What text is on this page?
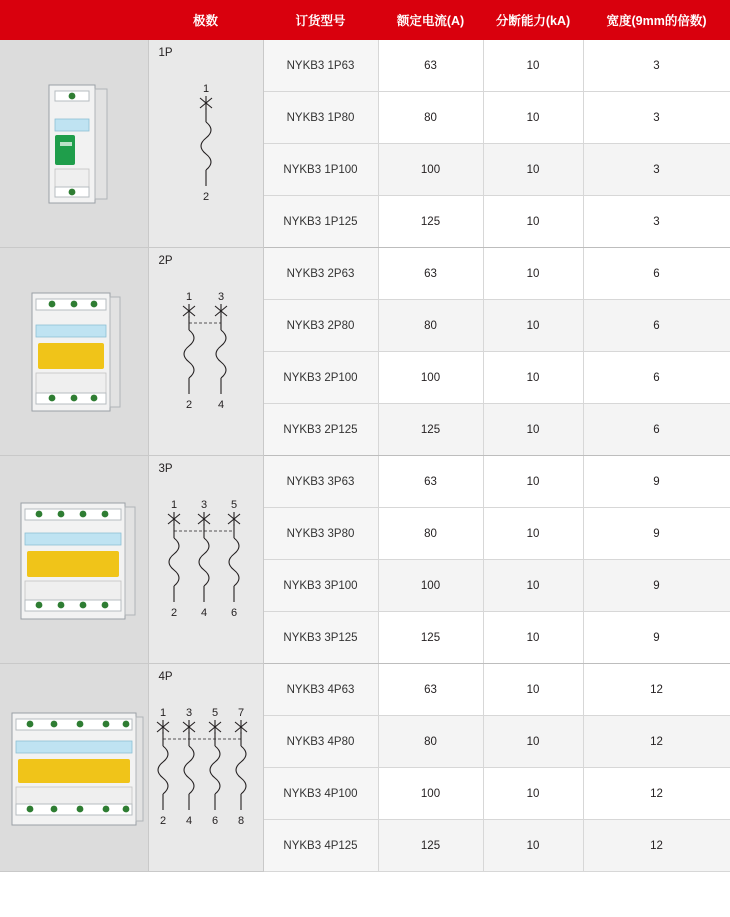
	极数	订货型号	额定电流(A)	分断能力(kA)	宽度(9mm的倍数)

1P
1
2	NYKB3 1P63	63	10	3
		NYKB3 1P80	80	10	3
		NYKB3 1P100	100	10	3
		NYKB3 1P125	125	10	3

2P
1 3
2 4	NYKB3 2P63	63	10	6
		NYKB3 2P80	80	10	6
		NYKB3 2P100	100	10	6
		NYKB3 2P125	125	10	6

3P
1 3 5
2 4 6
	NYKB3 3P63	63	10	9
		NYKB3 3P80	80	10	9
		NYKB3 3P100	100	10	9
		NYKB3 3P125	125	10	9

4P
1 3 5 7
2 4 6 8
	NYKB3 4P63	63	10	12
		NYKB3 4P80	80	10	12
		NYKB3 4P100	100	10	12
		NYKB3 4P125	125	10	12
